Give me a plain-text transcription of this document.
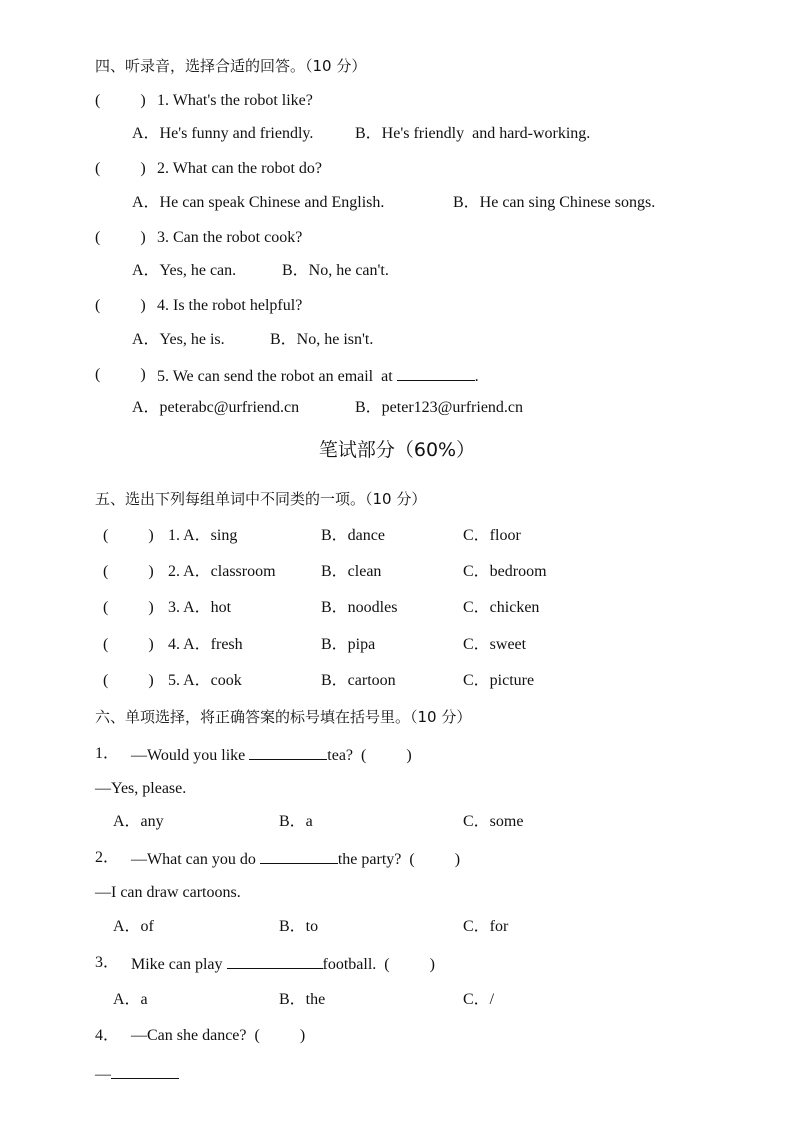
四、听录音，选择合适的回答。（10 分）
(          ) 1. What's the robot like?
A．He's funny and friendly.	B．He's friendly  and hard-working.
(          ) 2. What can the robot do?
A．He can speak Chinese and English.	B．He can sing Chinese songs.
(          ) 3. Can the robot cook?
A．Yes, he can.	B．No, he can't.
(          ) 4. Is the robot helpful?
A．Yes, he is.	B．No, he isn't.
(          ) 5. We can send the robot an email  at	.
A．peterabc@urfriend.cn	B．peter123@urfriend.cn
笔试部分（60%）
五、选出下列每组单词中不同类的一项。（10 分）
(          ) 1. A．sing	B．dance	C．floor
(          ) 2. A．classroom	B．clean	C．bedroom
(          ) 3. A．hot	B．noodles	C．chicken
(          ) 4. A．fresh	B．pipa	C．sweet
(          ) 5. A．cook	B．cartoon	C．picture
六、单项选择，将正确答案的标号填在括号里。（10 分）
1． —Would you like	tea?  (          )
—Yes, please.
A．any	B．a	C．some
2． —What can you do	the party?  (          )
—I can draw cartoons.
A．of	B．to	C．for
3． Mike can play	football.  (          )
A．a	B．the	C．/
4． —Can she dance?  (          )
—
